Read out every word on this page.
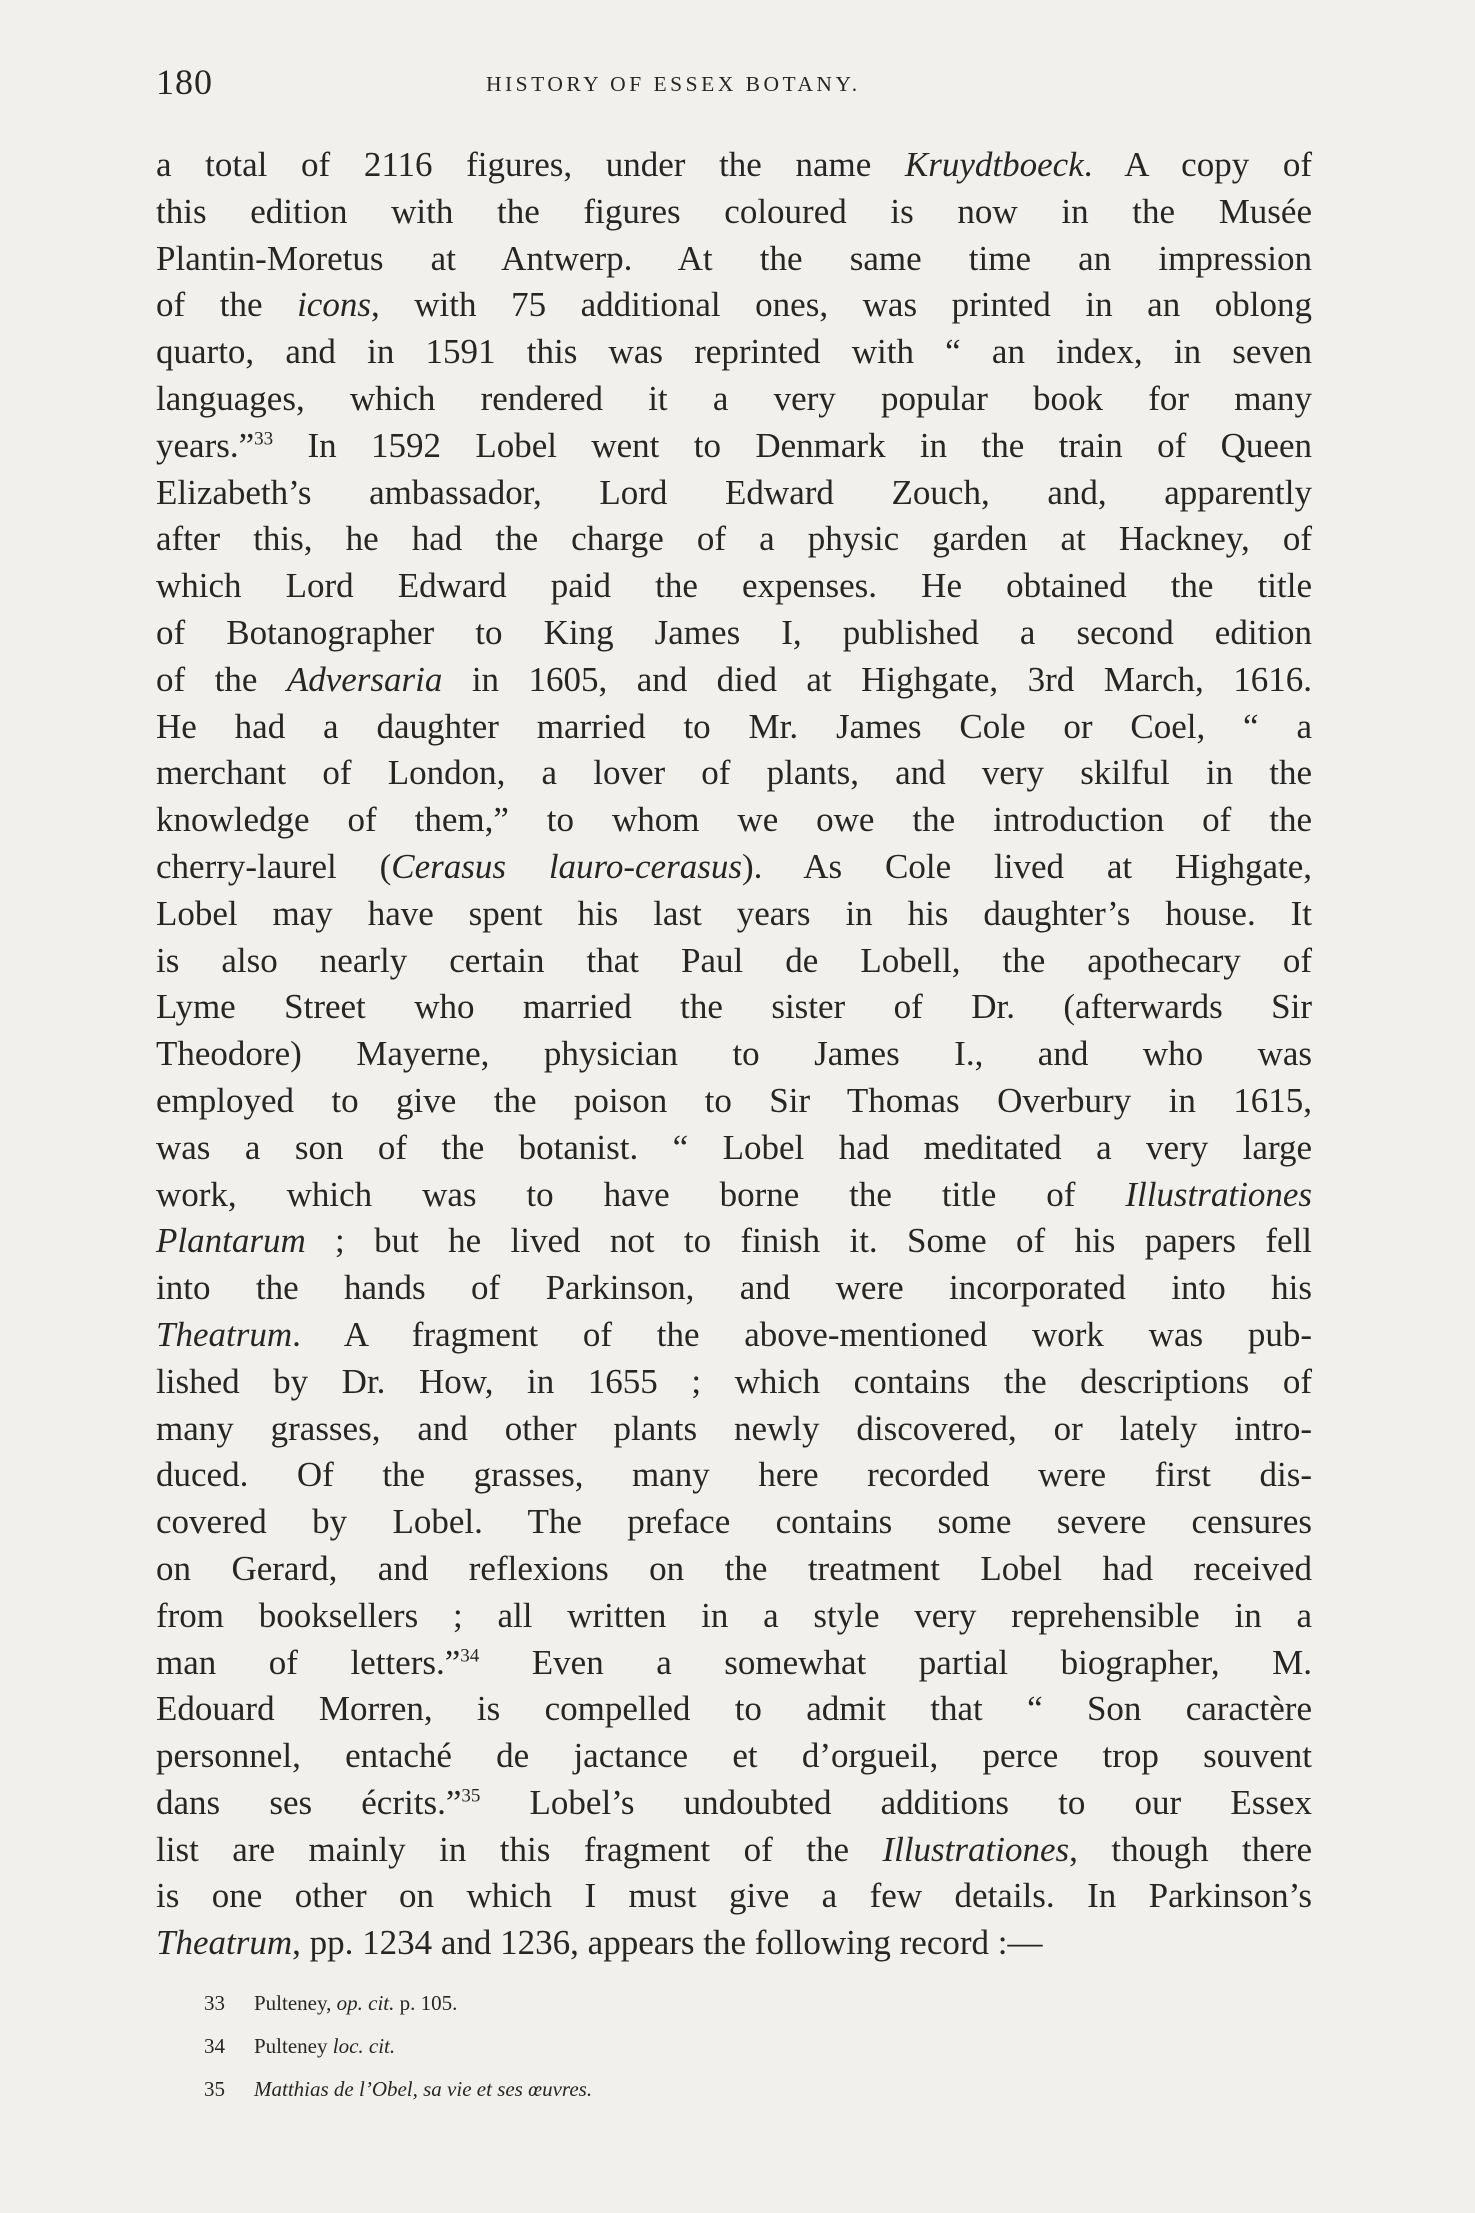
180	HISTORY OF ESSEX BOTANY.
a total of 2116 figures, under the name Kruydtboeck. A copy of
this edition with the figures coloured is now in the Musée
Plantin-Moretus at Antwerp. At the same time an impression
of the icons, with 75 additional ones, was printed in an oblong
quarto, and in 1591 this was reprinted with “ an index, in seven
languages, which rendered it a very popular book for many
years.”$^{33}$ In 1592 Lobel went to Denmark in the train of Queen
Elizabeth’s ambassador, Lord Edward Zouch, and, apparently
after this, he had the charge of a physic garden at Hackney, of
which Lord Edward paid the expenses. He obtained the title
of Botanographer to King James I, published a second edition
of the Adversaria in 1605, and died at Highgate, 3rd March, 1616.
He had a daughter married to Mr. James Cole or Coel, “ a
merchant of London, a lover of plants, and very skilful in the
knowledge of them,” to whom we owe the introduction of the
cherry-laurel (Cerasus lauro-cerasus). As Cole lived at Highgate,
Lobel may have spent his last years in his daughter’s house. It
is also nearly certain that Paul de Lobell, the apothecary of
Lyme Street who married the sister of Dr. (afterwards Sir
Theodore) Mayerne, physician to James I., and who was
employed to give the poison to Sir Thomas Overbury in 1615,
was a son of the botanist. “ Lobel had meditated a very large
work, which was to have borne the title of Illustrationes
Plantarum ; but he lived not to finish it. Some of his papers fell
into the hands of Parkinson, and were incorporated into his
Theatrum. A fragment of the above-mentioned work was pub-
lished by Dr. How, in 1655 ; which contains the descriptions of
many grasses, and other plants newly discovered, or lately intro-
duced. Of the grasses, many here recorded were first dis-
covered by Lobel. The preface contains some severe censures
on Gerard, and reflexions on the treatment Lobel had received
from booksellers ; all written in a style very reprehensible in a
man of letters.”$^{34}$ Even a somewhat partial biographer, M.
Edouard Morren, is compelled to admit that “ Son caractère
personnel, entaché de jactance et d’orgueil, perce trop souvent
dans ses écrits.”$^{35}$ Lobel’s undoubted additions to our Essex
list are mainly in this fragment of the Illustrationes, though there
is one other on which I must give a few details. In Parkinson’s
Theatrum, pp. 1234 and 1236, appears the following record :—
33 Pulteney, op. cit. p. 105.
34 Pulteney loc. cit.
35 Matthias de l’Obel, sa vie et ses œuvres.
